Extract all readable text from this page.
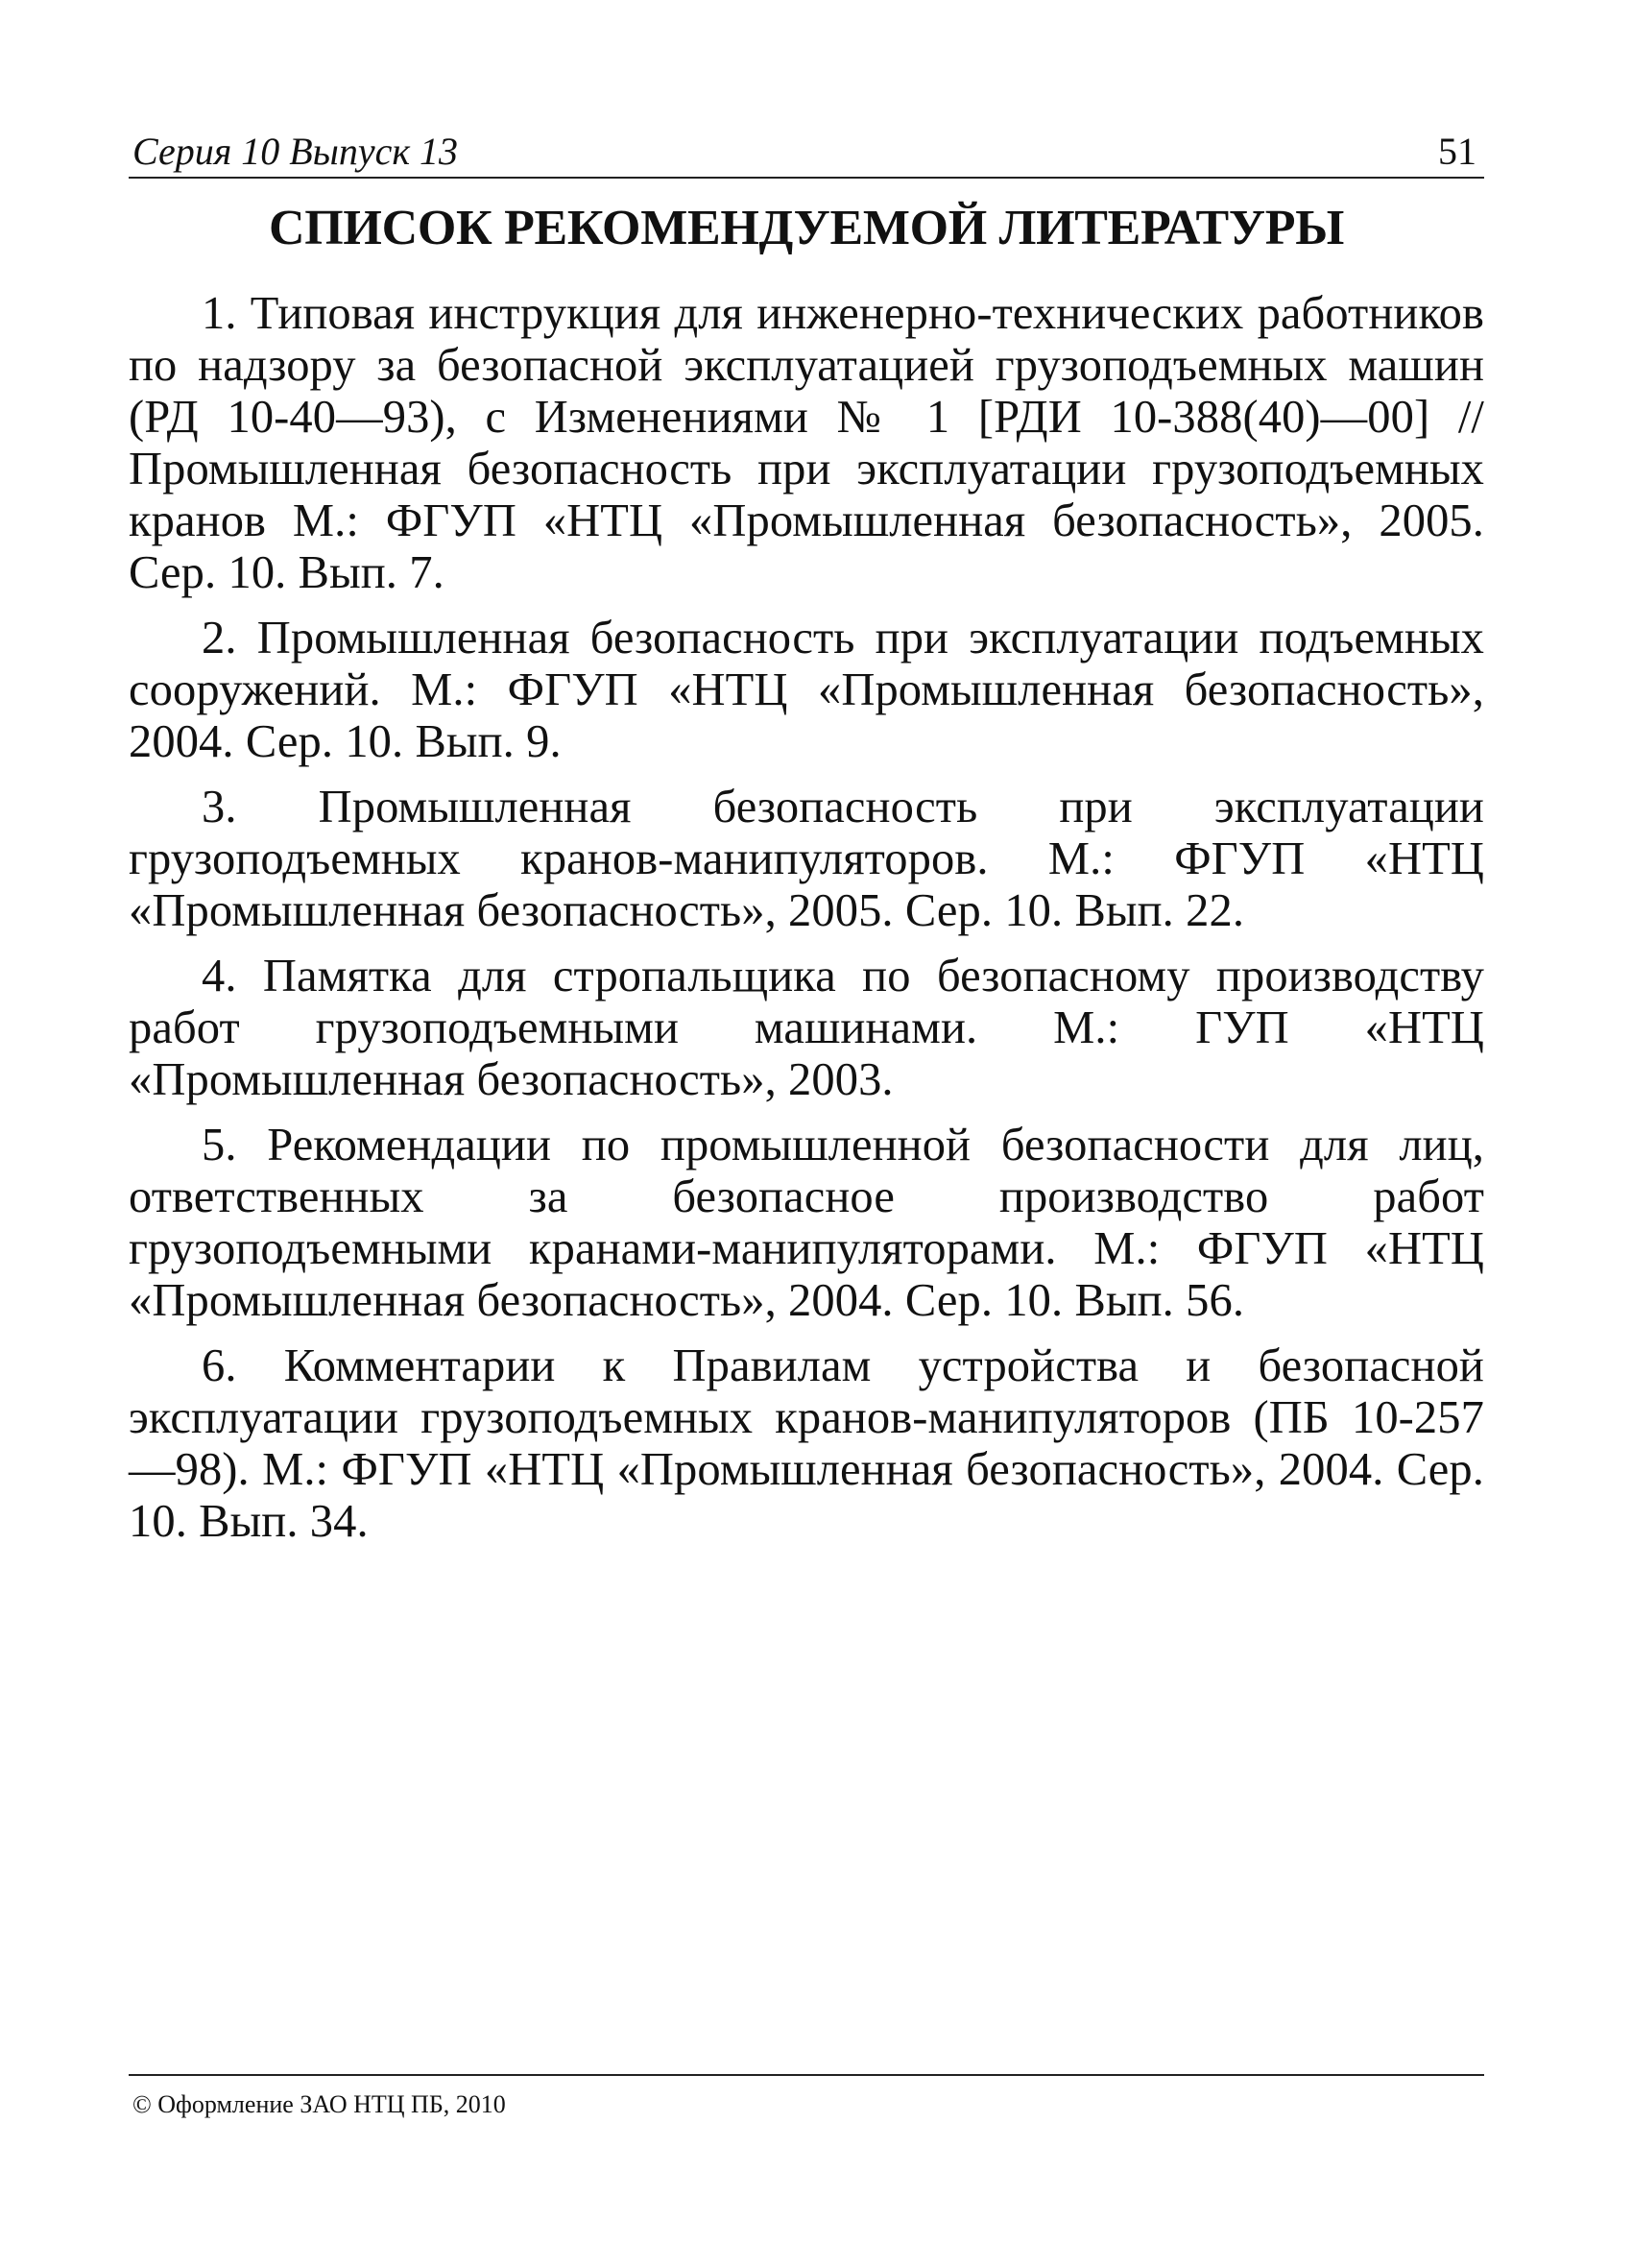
Серия 10 Выпуск 13	51
СПИСОК РЕКОМЕНДУЕМОЙ ЛИТЕРАТУРЫ

1. Типовая инструкция для инженерно-технических работников по надзору за безопасной эксплуатацией грузоподъемных машин (РД 10-40—93), с Изменениями № 1 [РДИ 10-388(40)—00] // Промышленная безопасность при эксплуатации грузоподъемных кранов М.: ФГУП «НТЦ «Промышленная безопасность», 2005. Сер. 10. Вып. 7.

2. Промышленная безопасность при эксплуатации подъемных сооружений. М.: ФГУП «НТЦ «Промышленная безопасность», 2004. Сер. 10. Вып. 9.

3. Промышленная безопасность при эксплуатации грузоподъемных кранов-манипуляторов. М.: ФГУП «НТЦ «Промышленная безопасность», 2005. Сер. 10. Вып. 22.

4. Памятка для стропальщика по безопасному производству работ грузоподъемными машинами. М.: ГУП «НТЦ «Промышленная безопасность», 2003.

5. Рекомендации по промышленной безопасности для лиц, ответственных за безопасное производство работ грузоподъемными кранами-манипуляторами. М.: ФГУП «НТЦ «Промышленная безопасность», 2004. Сер. 10. Вып. 56.

6. Комментарии к Правилам устройства и безопасной эксплуатации грузоподъемных кранов-манипуляторов (ПБ 10-257—98). М.: ФГУП «НТЦ «Промышленная безопасность», 2004. Сер. 10. Вып. 34.

© Оформление ЗАО НТЦ ПБ, 2010
